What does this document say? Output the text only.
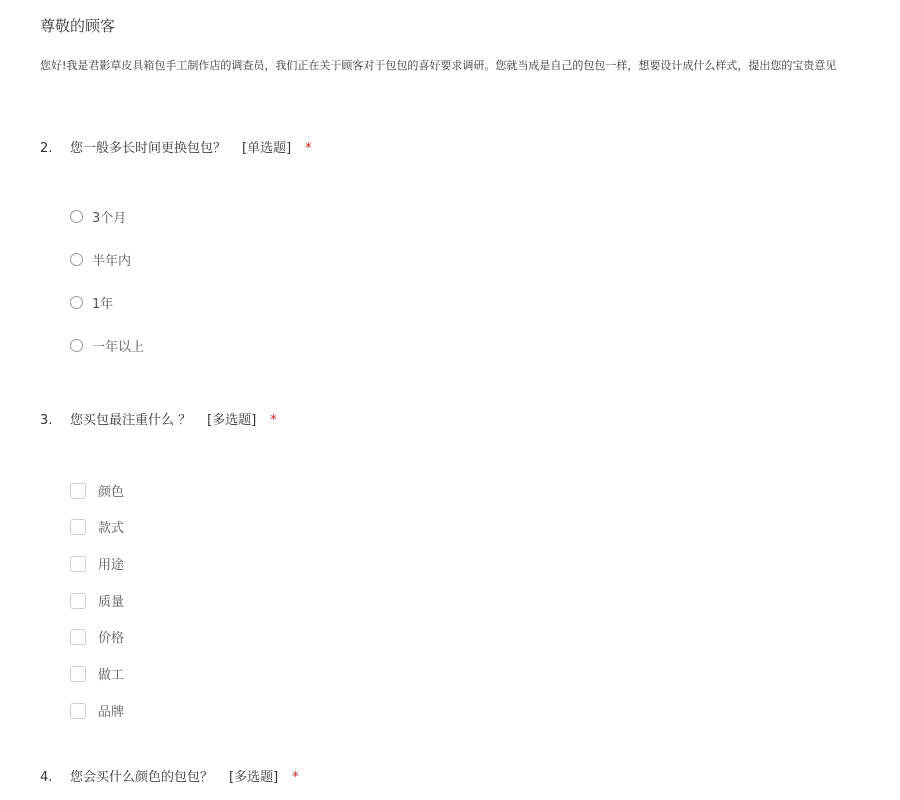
尊敬的顾客
您好!我是君影草皮具箱包手工制作店的调查员，我们正在关于顾客对于包包的喜好要求调研。您就当成是自己的包包一样，想要设计成什么样式，提出您的宝贵意见
2. 您一般多长时间更换包包？ [单选题] *
3个月
半年内
1年
一年以上
3. 您买包最注重什么 ？ [多选题] *
颜色
款式
用途
质量
价格
做工
品牌
4. 您会买什么颜色的包包？ [多选题] *
